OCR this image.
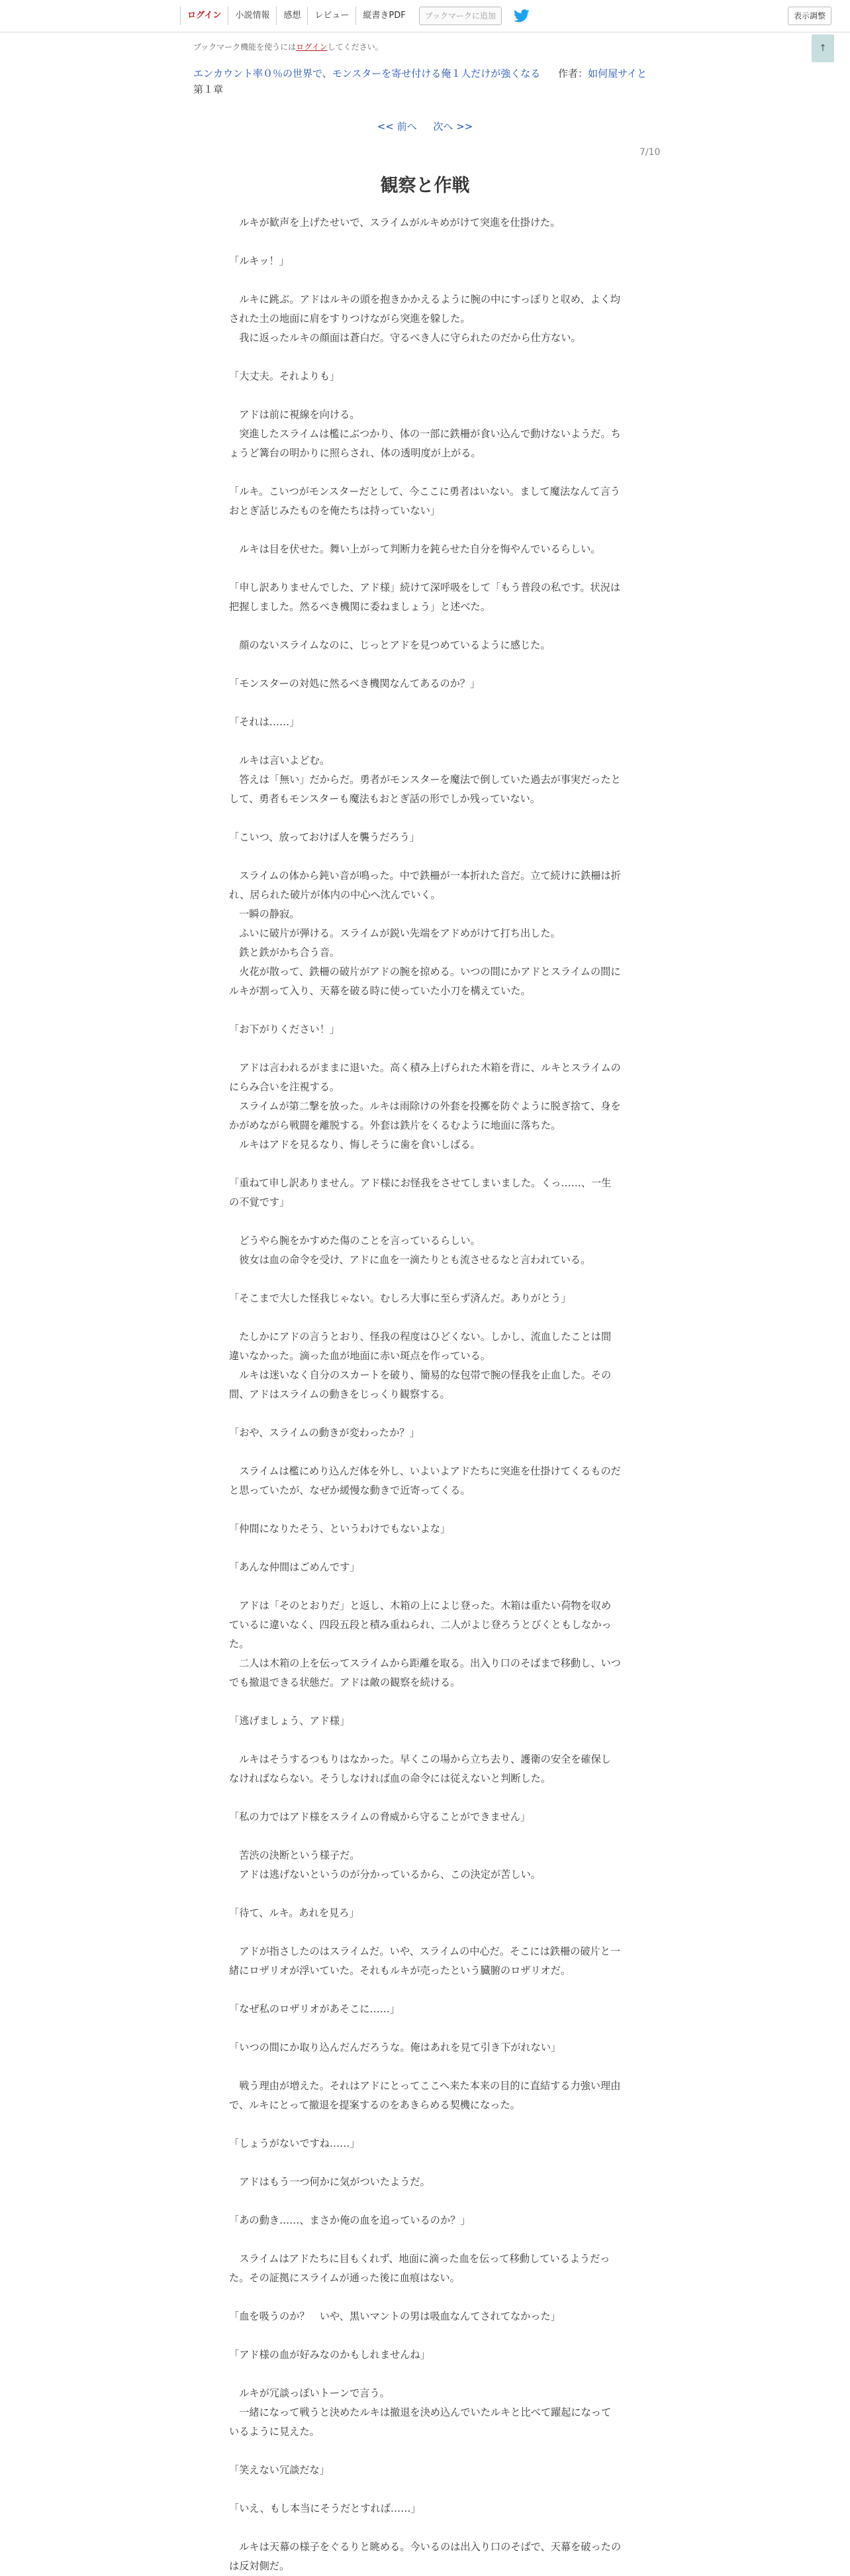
ログイン	小説情報	感想	レビュー	縦書きPDF	ブックマークに追加	表示調整
ブックマーク機能を使うにはログインしてください。	↑
エンカウント率０％の世界で、モンスターを寄せ付ける俺１人だけが強くなる 作者：如何屋サイと
第１章
<< 前へ 次へ >>
7/10
観察と作戦

　ルキが歓声を上げたせいで、スライムがルキめがけて突進を仕掛けた。

「ルキッ！」

　ルキに跳ぶ。アドはルキの頭を抱きかかえるように腕の中にすっぽりと収め、よく均された土の地面に肩をすりつけながら突進を躱した。

　我に返ったルキの顔面は蒼白だ。守るべき人に守られたのだから仕方ない。

「大丈夫。それよりも」

　アドは前に視線を向ける。

　突進したスライムは檻にぶつかり、体の一部に鉄柵が食い込んで動けないようだ。ちょうど篝台の明かりに照らされ、体の透明度が上がる。

「ルキ。こいつがモンスターだとして、今ここに勇者はいない。まして魔法なんて言うおとぎ話じみたものを俺たちは持っていない」

　ルキは目を伏せた。舞い上がって判断力を鈍らせた自分を悔やんでいるらしい。

「申し訳ありませんでした、アド様」続けて深呼吸をして「もう普段の私です。状況は把握しました。然るべき機関に委ねましょう」と述べた。

　顔のないスライムなのに、じっとアドを見つめているように感じた。

「モンスターの対処に然るべき機関なんてあるのか？」

「それは……」

　ルキは言いよどむ。

　答えは「無い」だからだ。勇者がモンスターを魔法で倒していた過去が事実だったとして、勇者もモンスターも魔法もおとぎ話の形でしか残っていない。

「こいつ、放っておけば人を襲うだろう」

　スライムの体から鈍い音が鳴った。中で鉄柵が一本折れた音だ。立て続けに鉄柵は折れ、居られた破片が体内の中心へ沈んでいく。

　一瞬の静寂。

　ふいに破片が弾ける。スライムが鋭い先端をアドめがけて打ち出した。

　鉄と鉄がかち合う音。

　火花が散って、鉄柵の破片がアドの腕を掠める。いつの間にかアドとスライムの間にルキが割って入り、天幕を破る時に使っていた小刀を構えていた。

「お下がりください！」

　アドは言われるがままに退いた。高く積み上げられた木箱を背に、ルキとスライムのにらみ合いを注視する。

　スライムが第二撃を放った。ルキは雨除けの外套を投擲を防ぐように脱ぎ捨て、身をかがめながら戦闘を離脱する。外套は鉄片をくるむように地面に落ちた。

　ルキはアドを見るなり、悔しそうに歯を食いしばる。

「重ねて申し訳ありません。アド様にお怪我をさせてしまいました。くっ……、一生の不覚です」

　どうやら腕をかすめた傷のことを言っているらしい。

　彼女は血の命令を受け、アドに血を一滴たりとも流させるなと言われている。

「そこまで大した怪我じゃない。むしろ大事に至らず済んだ。ありがとう」

　たしかにアドの言うとおり、怪我の程度はひどくない。しかし、流血したことは間違いなかった。滴った血が地面に赤い斑点を作っている。

　ルキは迷いなく自分のスカートを破り、簡易的な包帯で腕の怪我を止血した。その間、アドはスライムの動きをじっくり観察する。

「おや、スライムの動きが変わったか？」

　スライムは檻にめり込んだ体を外し、いよいよアドたちに突進を仕掛けてくるものだと思っていたが、なぜか緩慢な動きで近寄ってくる。

「仲間になりたそう、というわけでもないよな」

「あんな仲間はごめんです」

　アドは「そのとおりだ」と返し、木箱の上によじ登った。木箱は重たい荷物を収めているに違いなく、四段五段と積み重ねられ、二人がよじ登ろうとびくともしなかった。

　二人は木箱の上を伝ってスライムから距離を取る。出入り口のそばまで移動し、いつでも撤退できる状態だ。アドは敵の観察を続ける。

「逃げましょう、アド様」

　ルキはそうするつもりはなかった。早くこの場から立ち去り、護衛の安全を確保しなければならない。そうしなければ血の命令には従えないと判断した。

「私の力ではアド様をスライムの脅威から守ることができません」

　苦渋の決断という様子だ。

　アドは逃げないというのが分かっているから、この決定が苦しい。

「待て、ルキ。あれを見ろ」

　アドが指さしたのはスライムだ。いや、スライムの中心だ。そこには鉄柵の破片と一緒にロザリオが浮いていた。それもルキが売ったという臓腑のロザリオだ。

「なぜ私のロザリオがあそこに……」

「いつの間にか取り込んだんだろうな。俺はあれを見て引き下がれない」

　戦う理由が増えた。それはアドにとってここへ来た本来の目的に直結する力強い理由で、ルキにとって撤退を提案するのをあきらめる契機になった。

「しょうがないですね……」

　アドはもう一つ何かに気がついたようだ。

「あの動き……、まさか俺の血を追っているのか？」

　スライムはアドたちに目もくれず、地面に滴った血を伝って移動しているようだった。その証拠にスライムが通った後に血痕はない。

「血を吸うのか？　いや、黒いマントの男は吸血なんてされてなかった」

「アド様の血が好みなのかもしれませんね」

　ルキが冗談っぽいトーンで言う。

　一緒になって戦うと決めたルキは撤退を決め込んでいたルキと比べて躍起になっているように見えた。

「笑えない冗談だな」

「いえ、もし本当にそうだとすれば……」

　ルキは天幕の様子をぐるりと眺める。今いるのは出入り口のそばで、天幕を破ったのは反対側だ。
